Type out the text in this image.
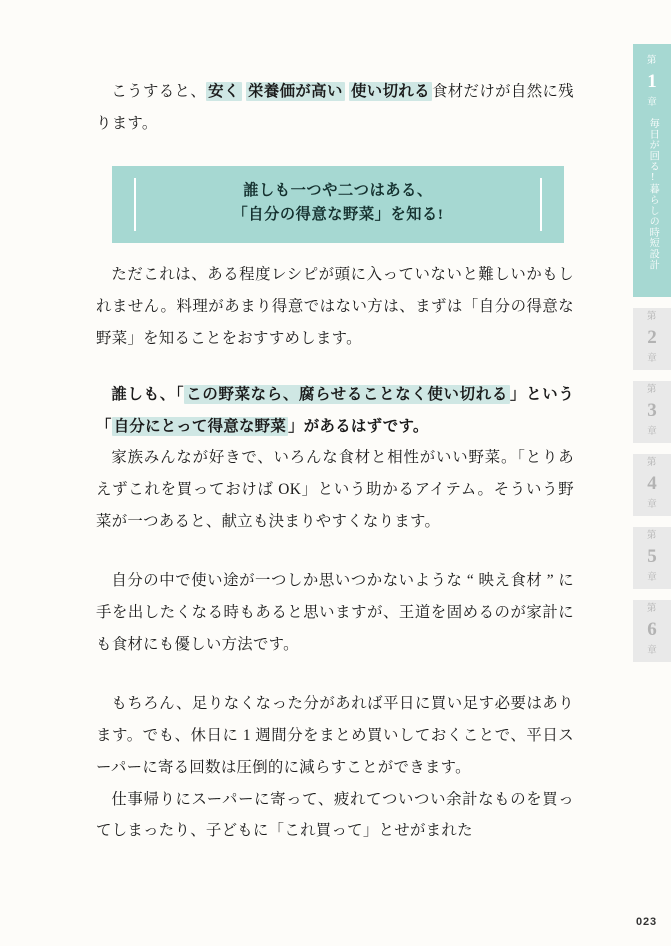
こうすると、 安く 栄養価が高い 使い切れる 食材だけが自然に残ります。

誰しも一つや二つはある、
「自分の得意な野菜」を知る!

ただこれは、ある程度レシピが頭に入っていないと難しいかもしれません。料理があまり得意ではない方は、まずは「自分の得意な野菜」を知ることをおすすめします。

誰しも、「 この野菜なら、腐らせることなく使い切れる 」という「 自分にとって得意な野菜 」があるはずです。

家族みんなが好きで、いろんな食材と相性がいい野菜。「とりあえずこれを買っておけば OK」という助かるアイテム。そういう野菜が一つあると、献立も決まりやすくなります。

自分の中で使い途が一つしか思いつかないような “ 映え食材 ” に手を出したくなる時もあると思いますが、王道を固めるのが家計にも食材にも優しい方法です。

もちろん、足りなくなった分があれば平日に買い足す必要はあります。でも、休日に 1 週間分をまとめ買いしておくことで、平日スーパーに寄る回数は圧倒的に減らすことができます。

仕事帰りにスーパーに寄って、疲れてついつい余計なものを買ってしまったり、子どもに「これ買って」とせがまれた

第
1
章
毎日が回る!暮らしの時短設計
第
2
章
第
3
章
第
4
章
第
5
章
第
6
章
023
